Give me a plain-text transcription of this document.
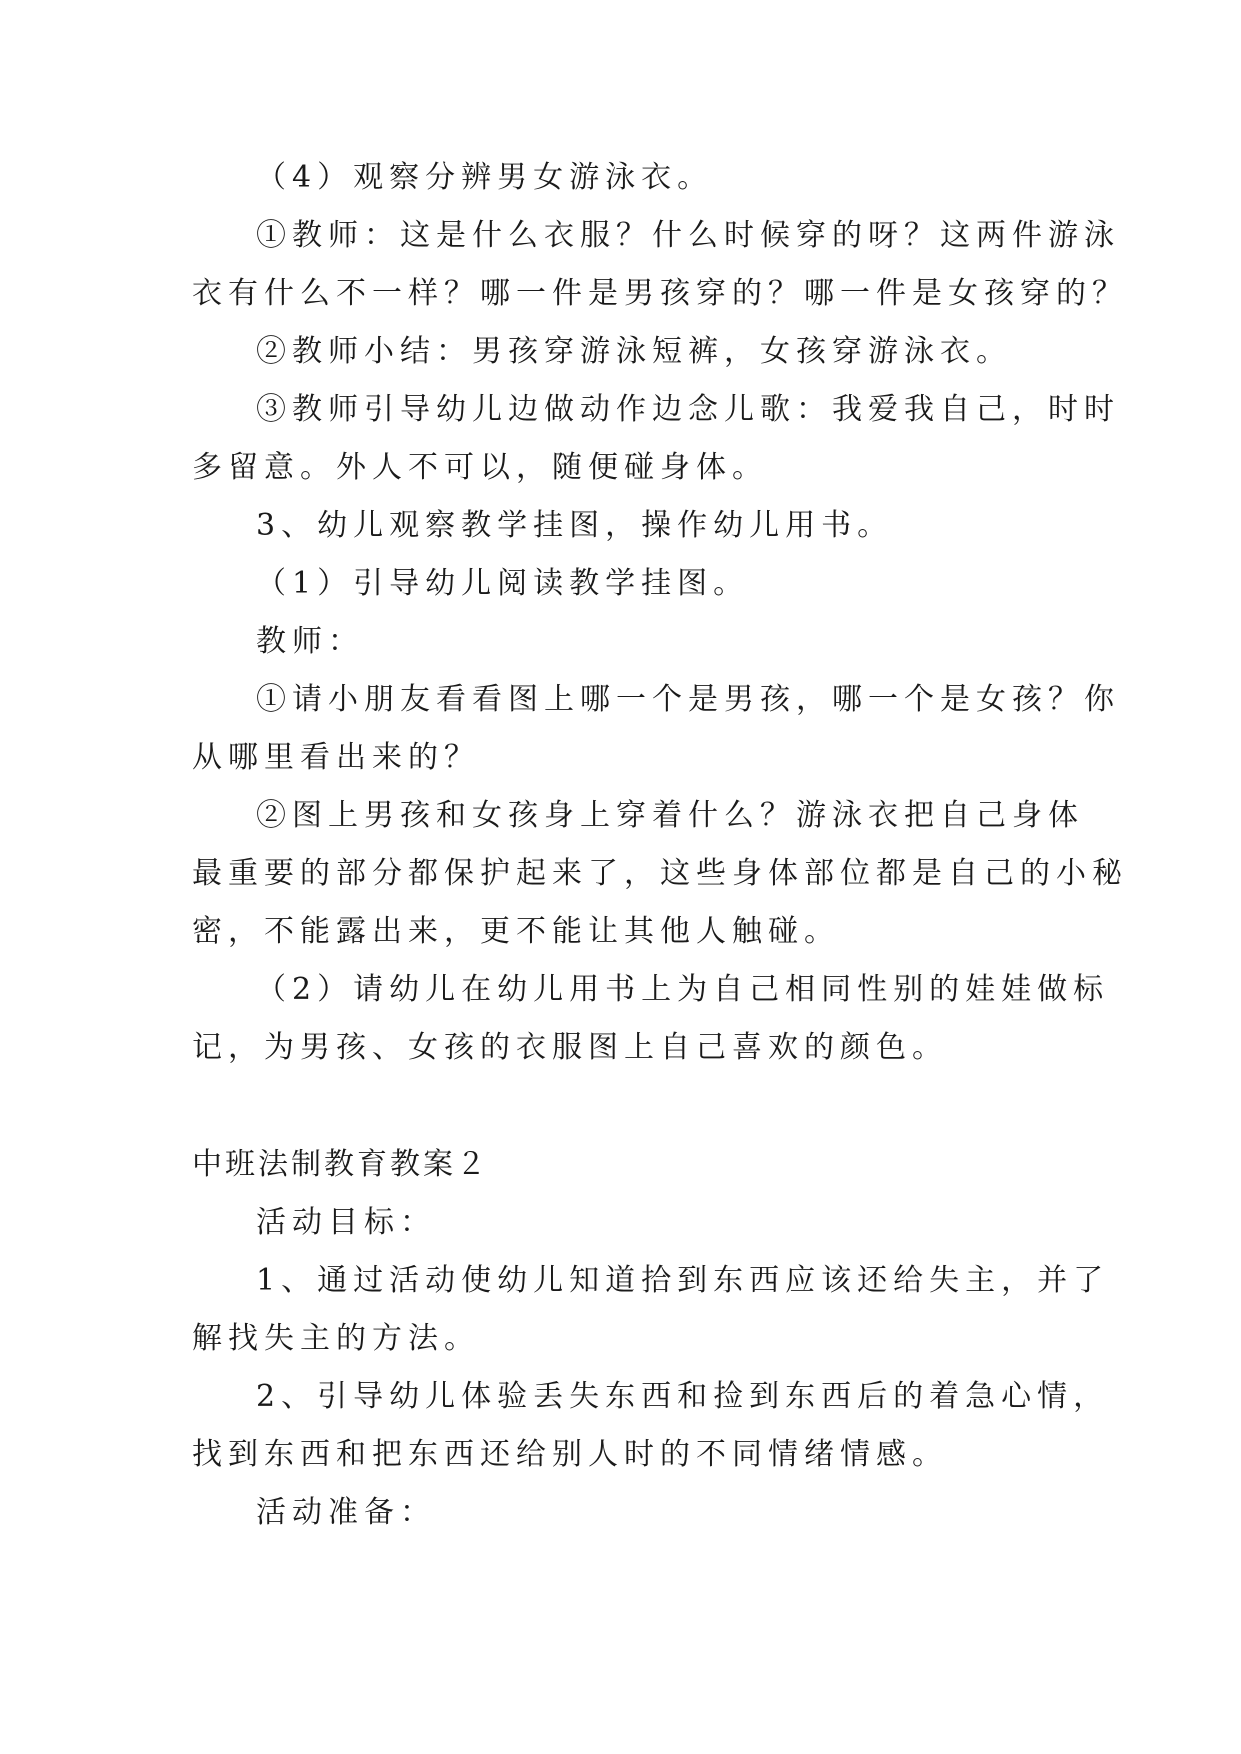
（4）观察分辨男女游泳衣。
①教师：这是什么衣服？什么时候穿的呀？这两件游泳
衣有什么不一样？哪一件是男孩穿的？哪一件是女孩穿的？
②教师小结：男孩穿游泳短裤，女孩穿游泳衣。
③教师引导幼儿边做动作边念儿歌：我爱我自己，时时
多留意。外人不可以，随便碰身体。
3、幼儿观察教学挂图，操作幼儿用书。
（1）引导幼儿阅读教学挂图。
教师：
①请小朋友看看图上哪一个是男孩，哪一个是女孩？你
从哪里看出来的？
②图上男孩和女孩身上穿着什么？游泳衣把自己身体
最重要的部分都保护起来了，这些身体部位都是自己的小秘
密，不能露出来，更不能让其他人触碰。
（2）请幼儿在幼儿用书上为自己相同性别的娃娃做标
记，为男孩、女孩的衣服图上自己喜欢的颜色。
中班法制教育教案２
活动目标：
1、通过活动使幼儿知道拾到东西应该还给失主，并了
解找失主的方法。
2、引导幼儿体验丢失东西和捡到东西后的着急心情，
找到东西和把东西还给别人时的不同情绪情感。
活动准备：
